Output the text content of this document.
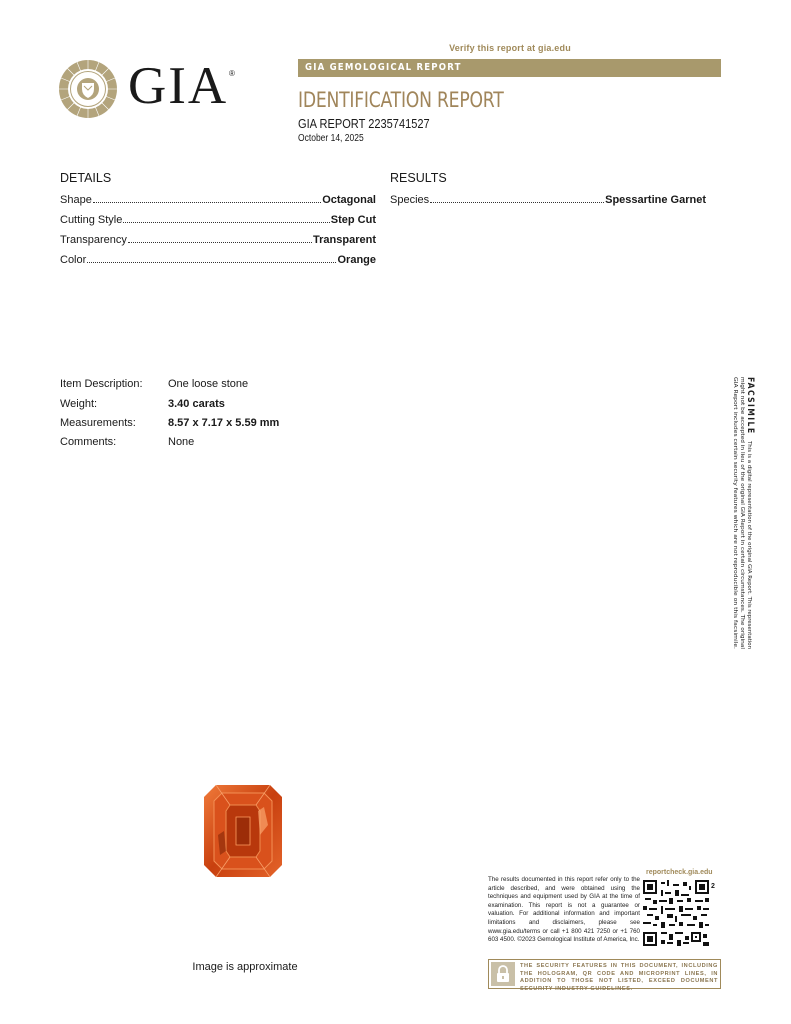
Verify this report at gia.edu
GIA GEMOLOGICAL REPORT
IDENTIFICATION REPORT
GIA REPORT 2235741527
October 14, 2025
GIA ®
DETAILS
Shape	Octagonal
Cutting Style	Step Cut
Transparency	Transparent
Color	Orange
RESULTS
Species	Spessartine Garnet
Item Description: One loose stone
Weight:	3.40 carats
Measurements:	8.57 x 7.17 x 5.59 mm
Comments:	None
FACSIMILE
This is a digital representation of the original GIA Report. This representation
might not be accepted in lieu of the original GIA Report in certain circumstances. The original
GIA Report includes certain security features which are not reproducible on this facsimile.
Image is approximate
The results documented in this report refer only to the article described, and were obtained using the techniques and equipment used by GIA at the time of examination. This report is not a guarantee or valuation. For additional information and important limitations and disclaimers, please see www.gia.edu/terms or call +1 800 421 7250 or +1 760 603 4500. ©2023 Gemological Institute of America, Inc.
reportcheck.gia.edu
2
THE SECURITY FEATURES IN THIS DOCUMENT, INCLUDING THE HOLOGRAM, QR CODE AND MICROPRINT LINES, IN ADDITION TO THOSE NOT LISTED, EXCEED DOCUMENT SECURITY INDUSTRY GUIDELINES.
